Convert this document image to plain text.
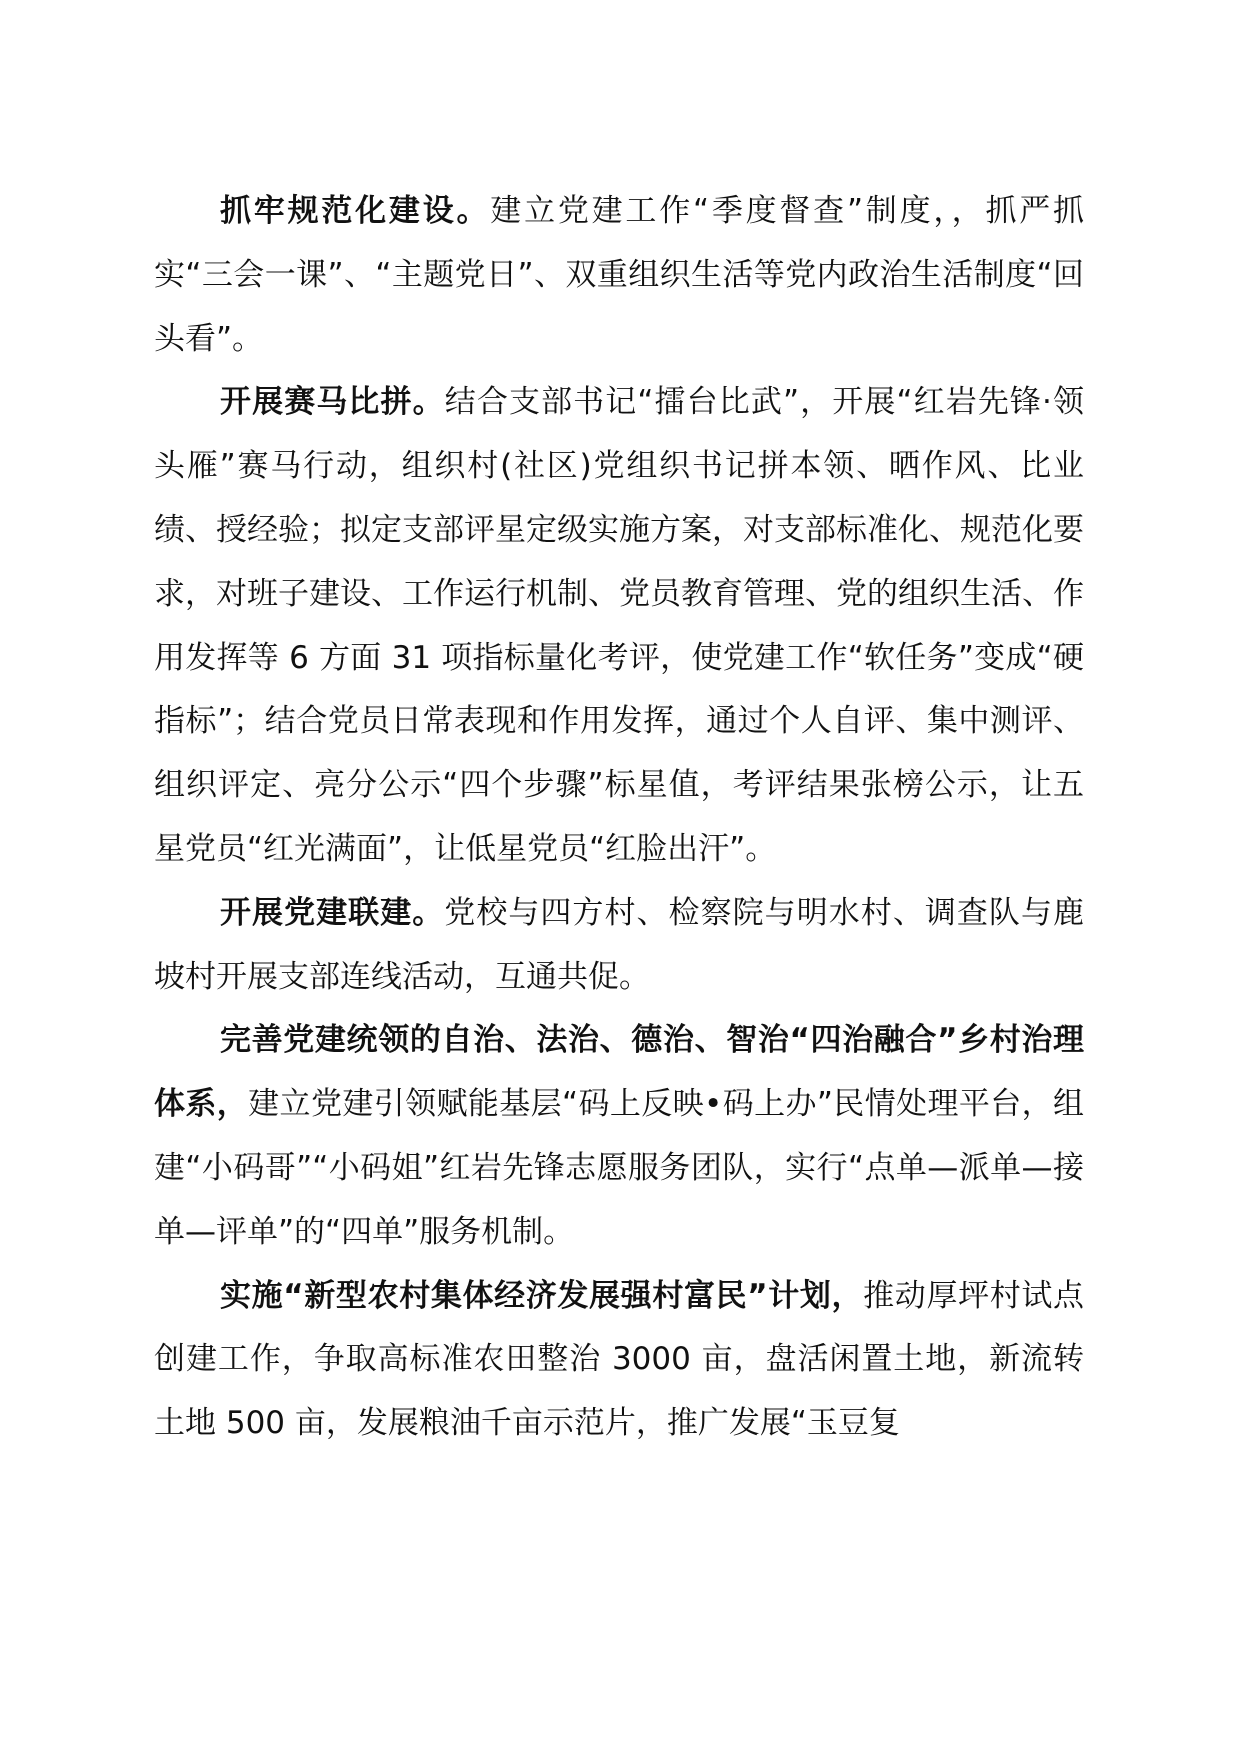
抓牢规范化建设。建立党建工作“季度督查”制度，，抓严抓实“三会一课”、“主题党日”、双重组织生活等党内政治生活制度“回头看”。

开展赛马比拼。结合支部书记“擂台比武”，开展“红岩先锋·领头雁”赛马行动，组织村(社区)党组织书记拼本领、晒作风、比业绩、授经验；拟定支部评星定级实施方案，对支部标准化、规范化要求，对班子建设、工作运行机制、党员教育管理、党的组织生活、作用发挥等 6 方面 31 项指标量化考评，使党建工作“软任务”变成“硬指标”；结合党员日常表现和作用发挥，通过个人自评、集中测评、组织评定、亮分公示“四个步骤”标星值，考评结果张榜公示，让五星党员“红光满面”，让低星党员“红脸出汗”。

开展党建联建。党校与四方村、检察院与明水村、调查队与鹿坡村开展支部连线活动，互通共促。

完善党建统领的自治、法治、德治、智治“四治融合”乡村治理体系，建立党建引领赋能基层“码上反映•码上办”民情处理平台，组建“小码哥”“小码姐”红岩先锋志愿服务团队，实行“点单—派单—接单—评单”的“四单”服务机制。

实施“新型农村集体经济发展强村富民”计划，推动厚坪村试点创建工作，争取高标准农田整治 3000 亩，盘活闲置土地，新流转土地 500 亩，发展粮油千亩示范片，推广发展“玉豆复
